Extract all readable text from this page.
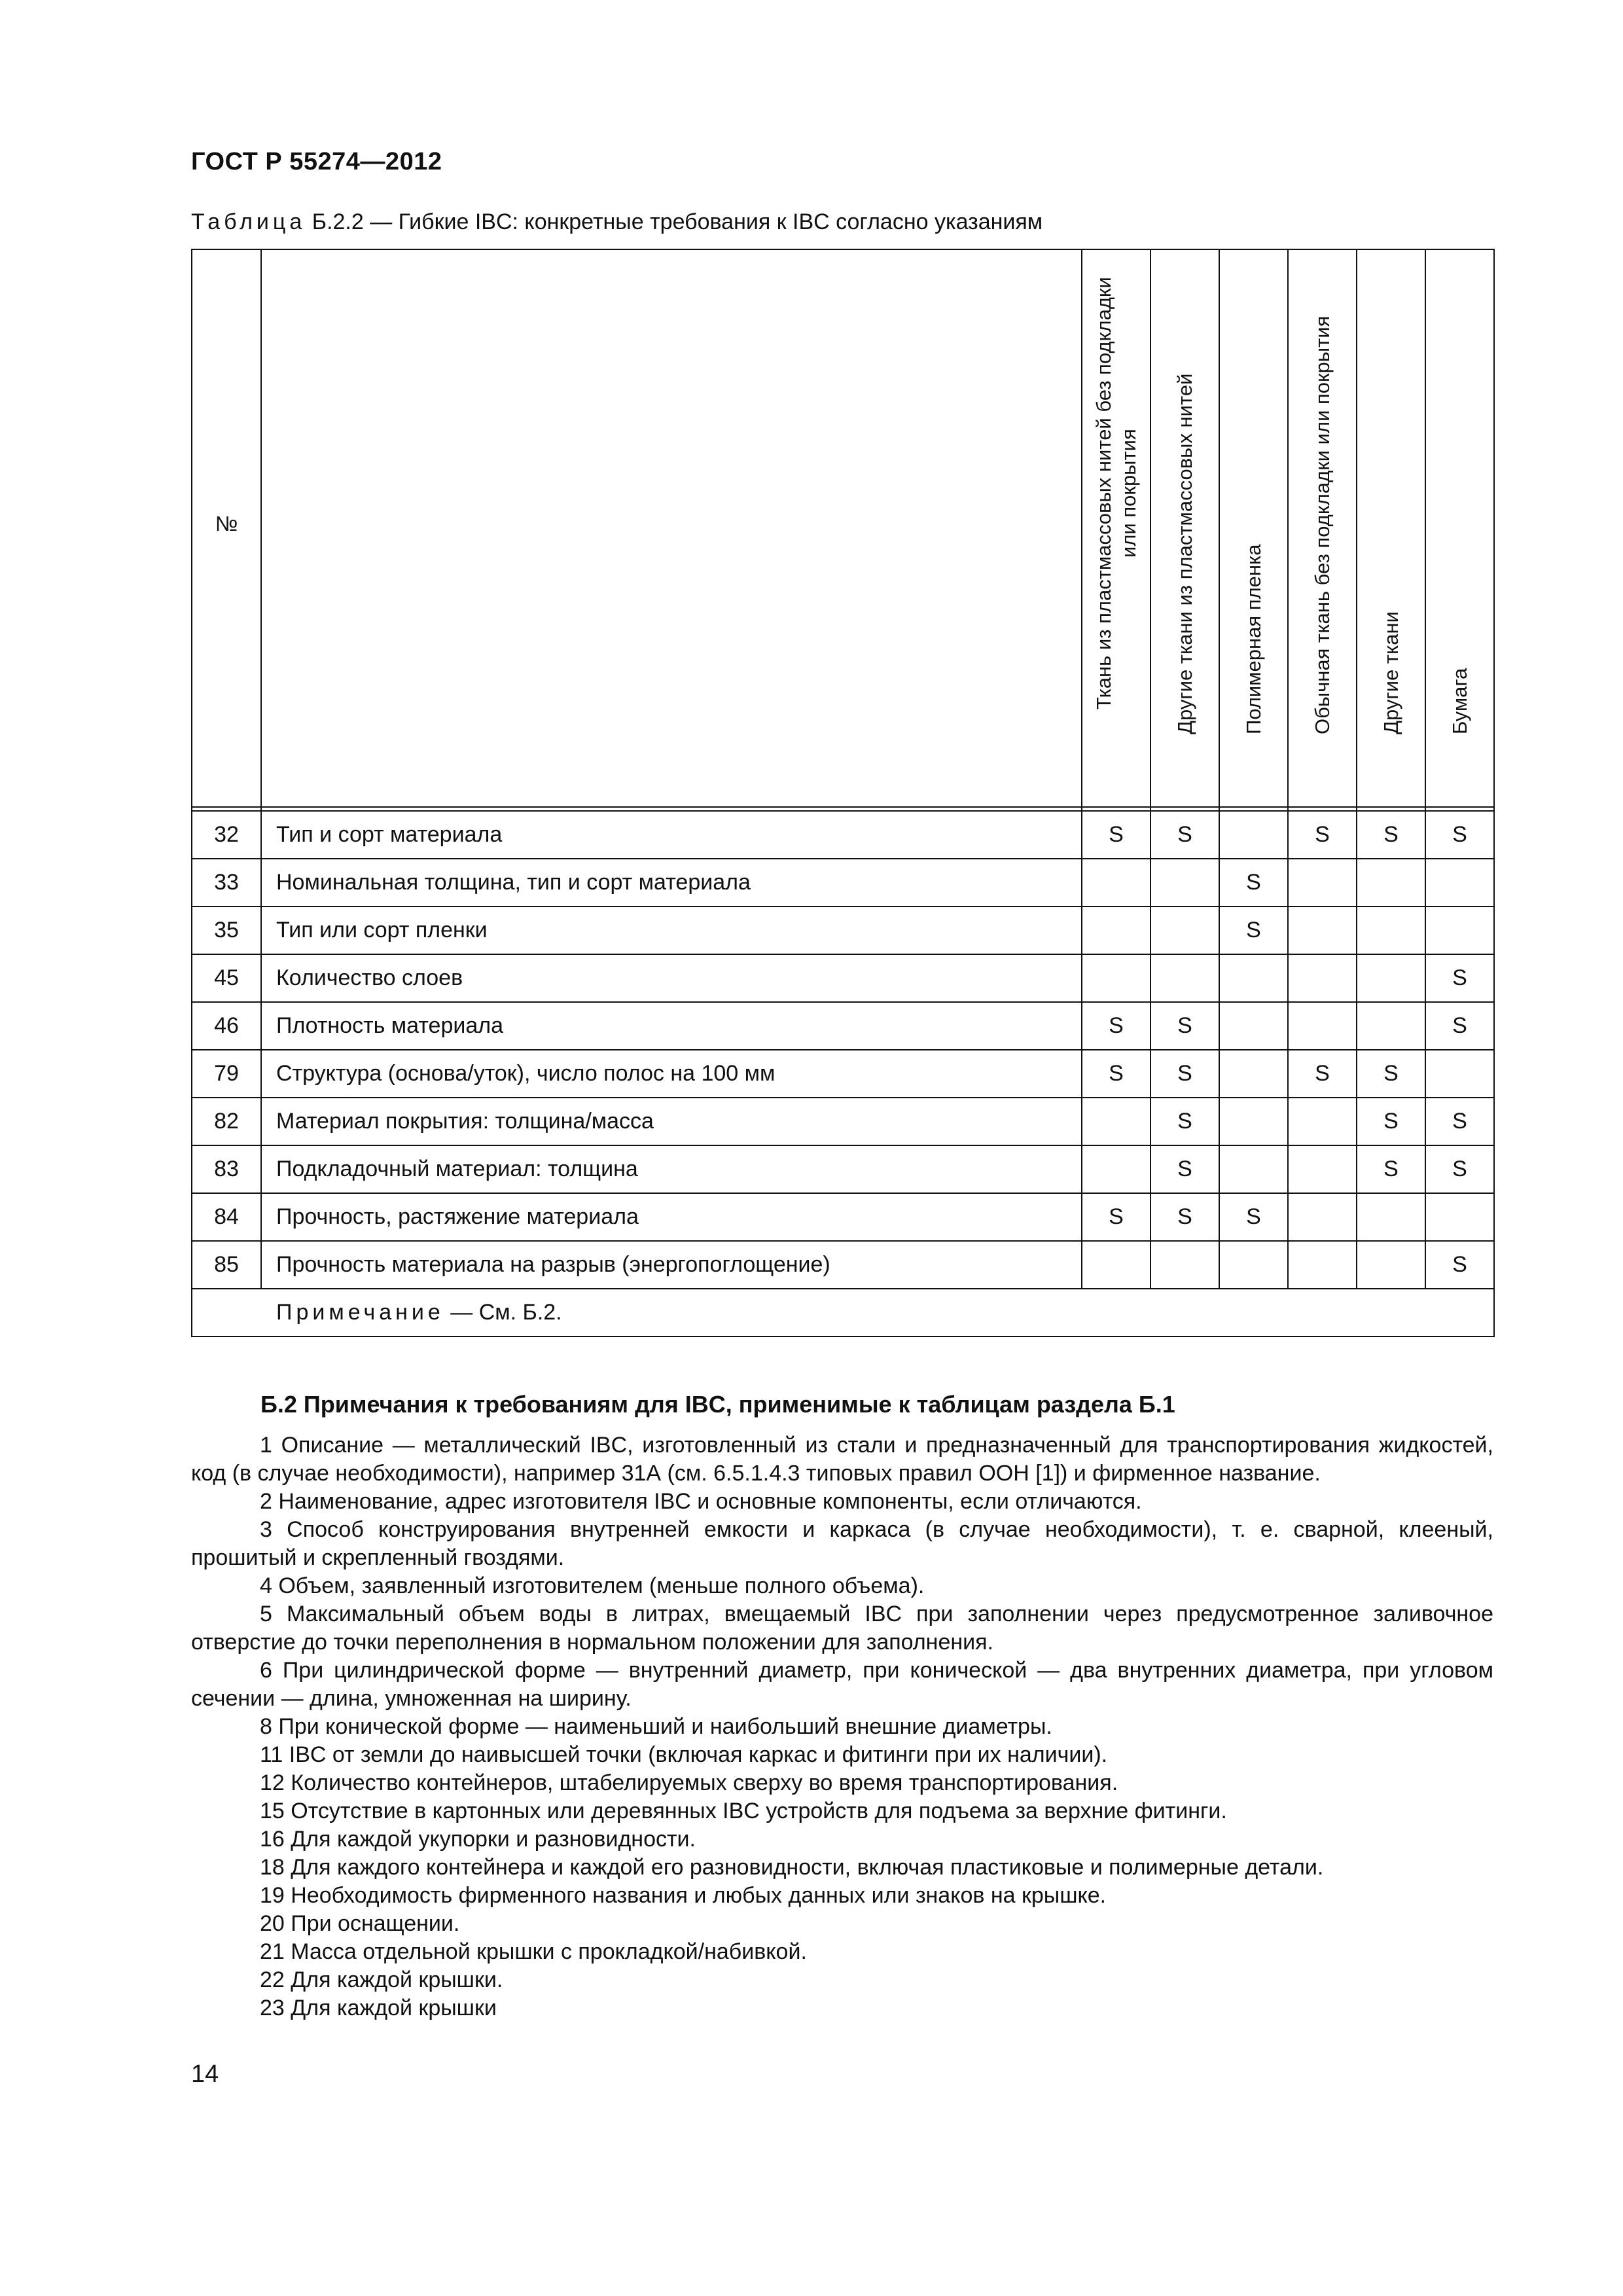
ГОСТ Р 55274—2012
Таблица Б.2.2 — Гибкие IBC: конкретные требования к IBC согласно указаниям
№		Ткань из пластмассовых нитей без подкладки
или покрытия	Другие ткани из пластмассовых нитей	Полимерная пленка	Обычная ткань без подкладки или покрытия	Другие ткани	Бумага

32	Тип и сорт материала	S	S		S	S	S
33	Номинальная толщина, тип и сорт материала			S			
35	Тип или сорт пленки			S			
45	Количество слоев						S
46	Плотность материала	S	S				S
79	Структура (основа/уток), число полос на 100 мм	S	S		S	S	
82	Материал покрытия: толщина/масса		S			S	S
83	Подкладочный материал: толщина		S			S	S
84	Прочность, растяжение материала	S	S	S			
85	Прочность материала на разрыв (энергопоглощение)						S
Примечание — См. Б.2.							
Б.2 Примечания к требованиям для IBC, применимые к таблицам раздела Б.1

1 Описание — металлический IBC, изготовленный из стали и предназначенный для транспортирования жидкостей, код (в случае необходимости), например 31А (см. 6.5.1.4.3 типовых правил ООН [1]) и фирменное название.

2 Наименование, адрес изготовителя IBC и основные компоненты, если отличаются.

3 Способ конструирования внутренней емкости и каркаса (в случае необходимости), т. е. сварной, клееный, прошитый и скрепленный гвоздями.

4 Объем, заявленный изготовителем (меньше полного объема).

5 Максимальный объем воды в литрах, вмещаемый IBC при заполнении через предусмотренное заливочное отверстие до точки переполнения в нормальном положении для заполнения.

6 При цилиндрической форме — внутренний диаметр, при конической — два внутренних диаметра, при угловом сечении — длина, умноженная на ширину.

8 При конической форме — наименьший и наибольший внешние диаметры.

11 IBC от земли до наивысшей точки (включая каркас и фитинги при их наличии).

12 Количество контейнеров, штабелируемых сверху во время транспортирования.

15 Отсутствие в картонных или деревянных IBC устройств для подъема за верхние фитинги.

16 Для каждой укупорки и разновидности.

18 Для каждого контейнера и каждой его разновидности, включая пластиковые и полимерные детали.

19 Необходимость фирменного названия и любых данных или знаков на крышке.

20 При оснащении.

21 Масса отдельной крышки с прокладкой/набивкой.

22 Для каждой крышки.

23 Для каждой крышки

14
